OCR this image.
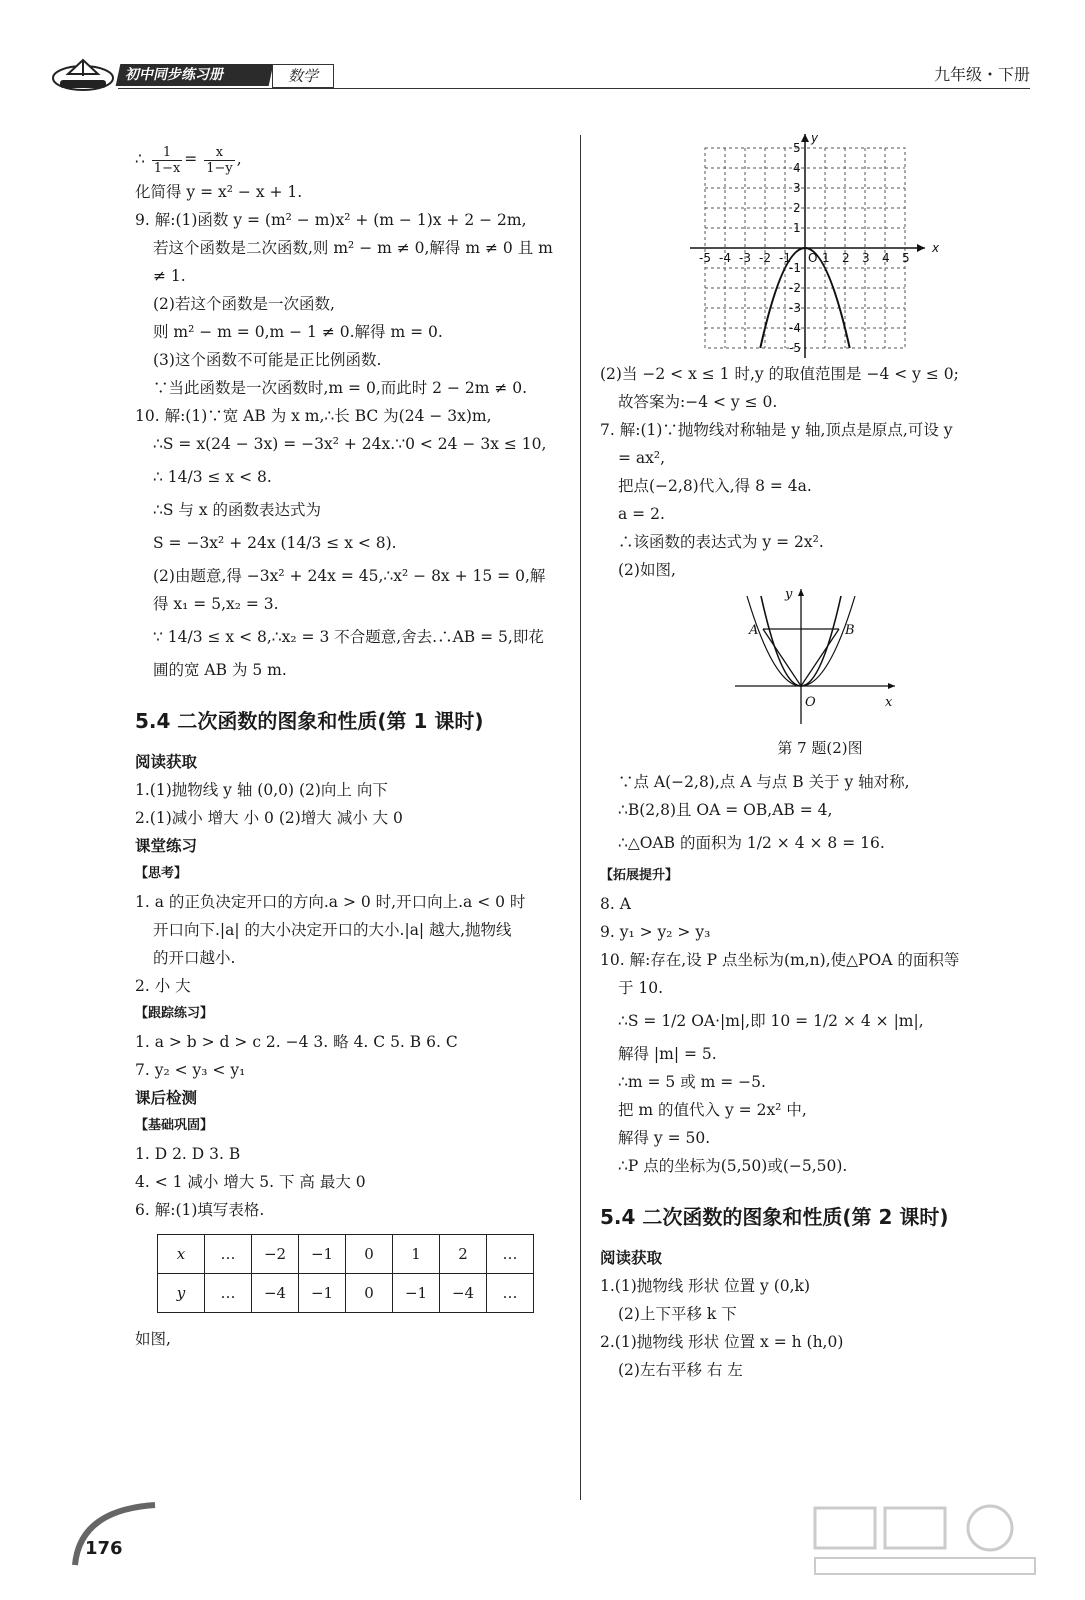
初中同步练习册	数学	九年级・下册
∴ $\frac{1}{1-x} = \frac{x}{1-y}$ ,
化简得 y = x² − x + 1.
9. 解:(1)函数 y = (m² − m)x² + (m − 1)x + 2 − 2m,
若这个函数是二次函数,则 m² − m ≠ 0,解得 m ≠ 0 且 m
≠ 1.
(2)若这个函数是一次函数,
则 m² − m = 0,m − 1 ≠ 0.解得 m = 0.
(3)这个函数不可能是正比例函数.
∵当此函数是一次函数时,m = 0,而此时 2 − 2m ≠ 0.
10. 解:(1)∵宽 AB 为 x m,∴长 BC 为(24 − 3x)m,
∴S = x(24 − 3x) = −3x² + 24x.∵0 < 24 − 3x ≤ 10,
∴ 14/3 ≤ x < 8.
∴S 与 x 的函数表达式为
S = −3x² + 24x (14/3 ≤ x < 8).
(2)由题意,得 −3x² + 24x = 45,∴x² − 8x + 15 = 0,解
得 x₁ = 5,x₂ = 3.
∵ 14/3 ≤ x < 8,∴x₂ = 3 不合题意,舍去.∴AB = 5,即花
圃的宽 AB 为 5 m.
5.4 二次函数的图象和性质(第 1 课时)
阅读获取
1.(1)抛物线 y 轴 (0,0) (2)向上 向下
2.(1)减小 增大 小 0 (2)增大 减小 大 0
课堂练习
【思考】
1. a 的正负决定开口的方向.a > 0 时,开口向上.a < 0 时
开口向下.|a| 的大小决定开口的大小.|a| 越大,抛物线
的开口越小.
2. 小 大
【跟踪练习】
1. a > b > d > c 2. −4 3. 略 4. C 5. B 6. C
7. y₂ < y₃ < y₁
课后检测
【基础巩固】
1. D 2. D 3. B
4. < 1 减小 增大 5. 下 高 最大 0
6. 解:(1)填写表格.
x	…	−2	−1	0	1	2	…
y	…	−4	−1	0	−1	−4	…
如图,
x
y
O
-5 -4 -3 -2 -1	1 2 3 4 5
5
4
3
2
1
-1
-2
-3
-4
-5
(2)当 −2 < x ≤ 1 时,y 的取值范围是 −4 < y ≤ 0;
故答案为:−4 < y ≤ 0.
7. 解:(1)∵抛物线对称轴是 y 轴,顶点是原点,可设 y
= ax²,
把点(−2,8)代入,得 8 = 4a.
a = 2.
∴该函数的表达式为 y = 2x².
(2)如图,
A	B
O	x
y
第 7 题(2)图
∵点 A(−2,8),点 A 与点 B 关于 y 轴对称,
∴B(2,8)且 OA = OB,AB = 4,
∴△OAB 的面积为 1/2 × 4 × 8 = 16.
【拓展提升】
8. A
9. y₁ > y₂ > y₃
10. 解:存在,设 P 点坐标为(m,n),使△POA 的面积等
于 10.
∴S = 1/2 OA·|m|,即 10 = 1/2 × 4 × |m|,
解得 |m| = 5.
∴m = 5 或 m = −5.
把 m 的值代入 y = 2x² 中,
解得 y = 50.
∴P 点的坐标为(5,50)或(−5,50).
5.4 二次函数的图象和性质(第 2 课时)
阅读获取
1.(1)抛物线 形状 位置 y (0,k)
(2)上下平移 k 下
2.(1)抛物线 形状 位置 x = h (h,0)
(2)左右平移 右 左
176
